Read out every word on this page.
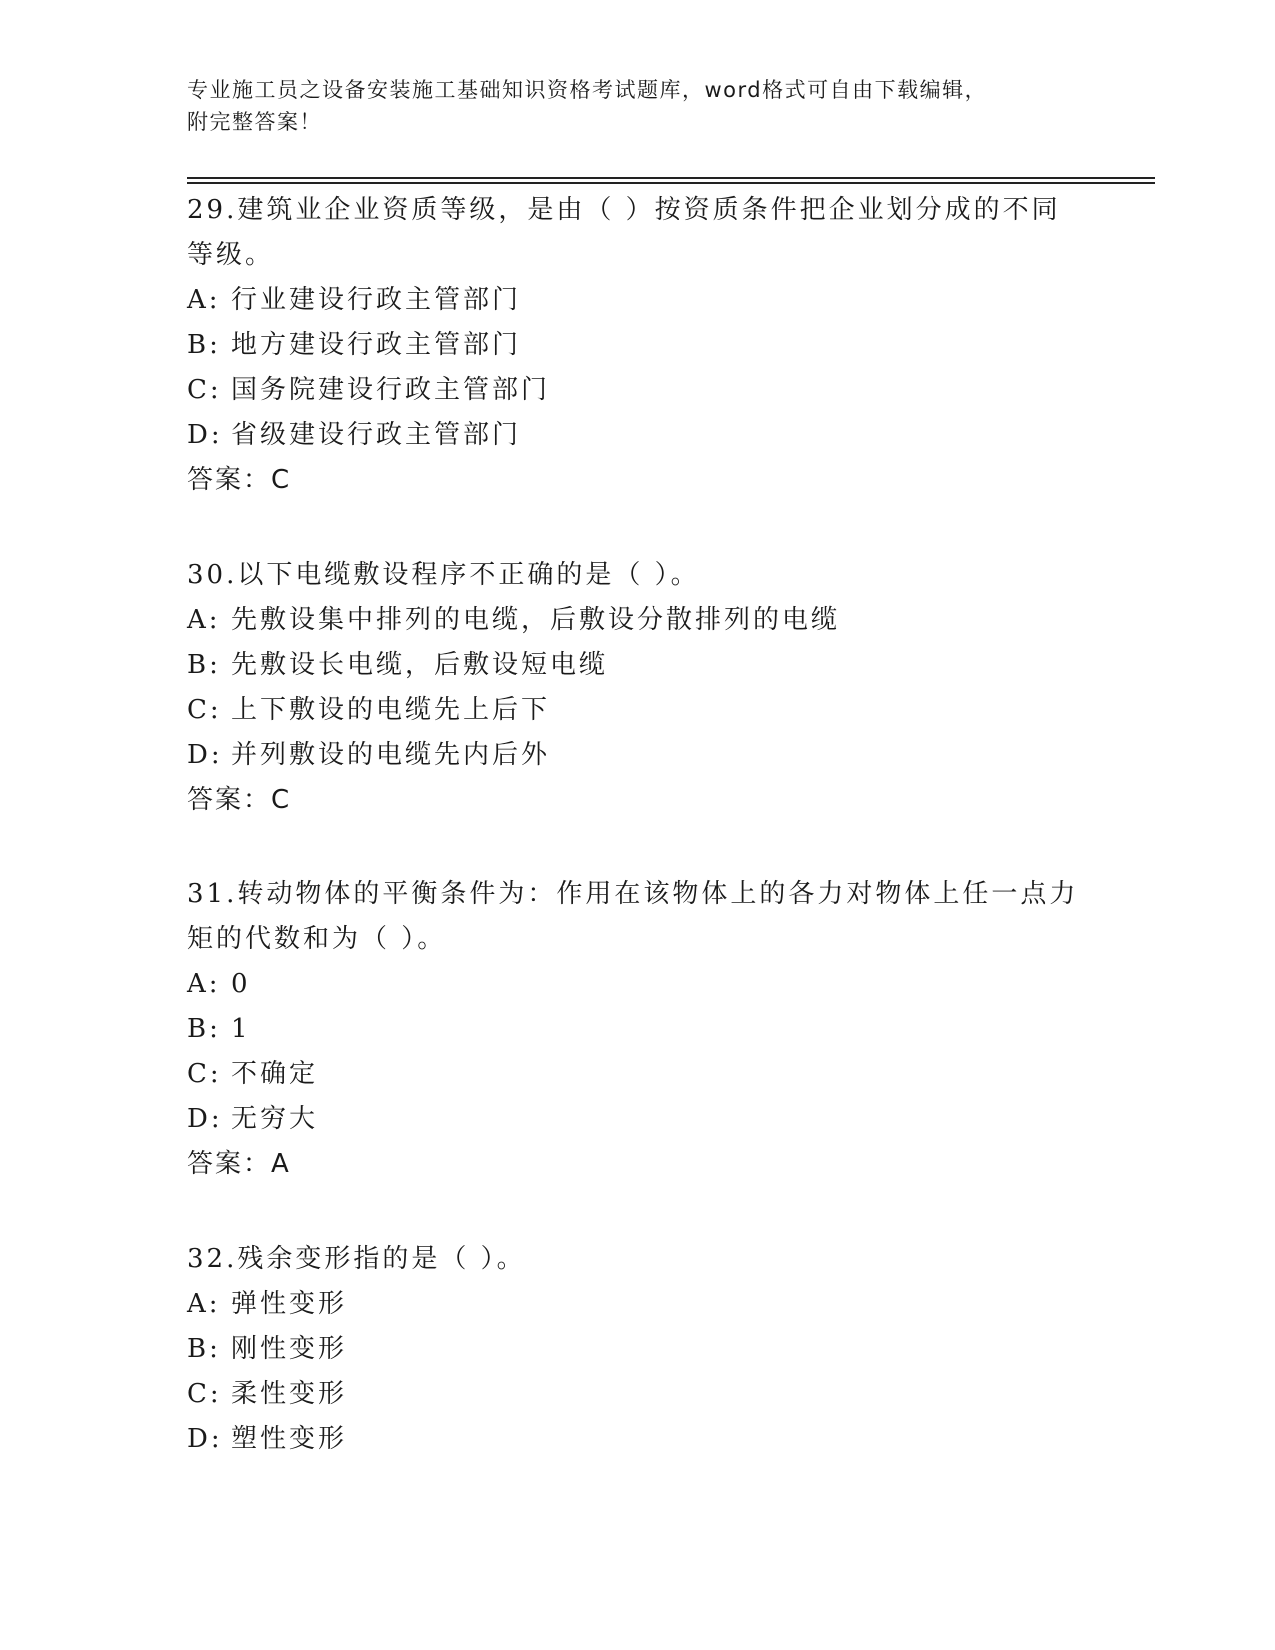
专业施工员之设备安装施工基础知识资格考试题库，word格式可自由下载编辑，
附完整答案！
29.建筑业企业资质等级，是由（ ）按资质条件把企业划分成的不同
等级。
A: 行业建设行政主管部门
B: 地方建设行政主管部门
C: 国务院建设行政主管部门
D: 省级建设行政主管部门
答案：C
30.以下电缆敷设程序不正确的是（ ）。
A: 先敷设集中排列的电缆，后敷设分散排列的电缆
B: 先敷设长电缆，后敷设短电缆
C: 上下敷设的电缆先上后下
D: 并列敷设的电缆先内后外
答案：C
31.转动物体的平衡条件为：作用在该物体上的各力对物体上任一点力
矩的代数和为（ ）。
A: 0
B: 1
C: 不确定
D: 无穷大
答案：A
32.残余变形指的是（ ）。
A: 弹性变形
B: 刚性变形
C: 柔性变形
D: 塑性变形
